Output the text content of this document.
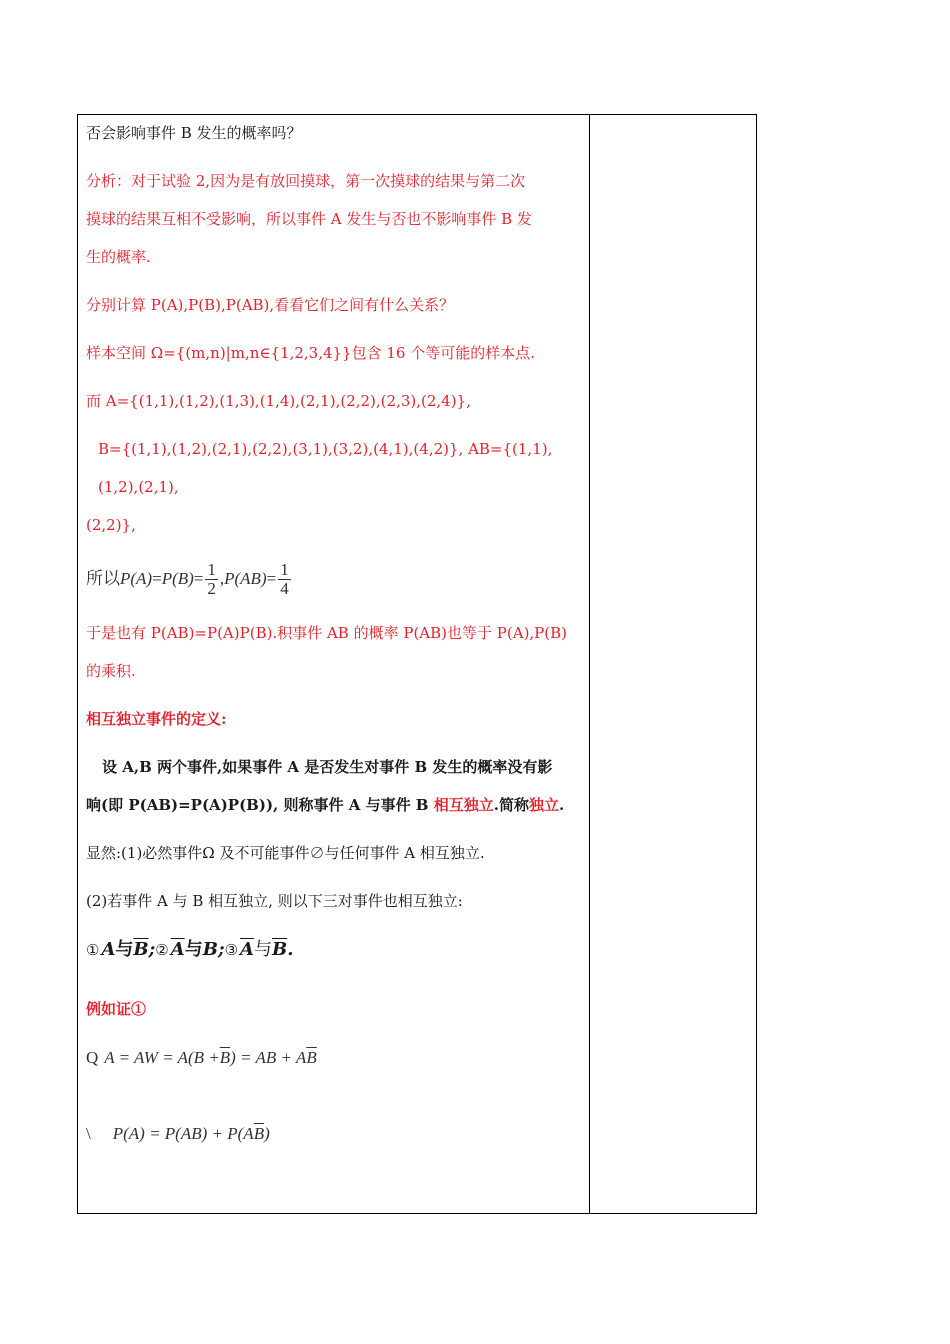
否会影响事件 B 发生的概率吗？

分析：对于试验 2,因为是有放回摸球，第一次摸球的结果与第二次

摸球的结果互相不受影响，所以事件 A 发生与否也不影响事件 B 发

生的概率.

分别计算 P(A),P(B),P(AB),看看它们之间有什么关系？

样本空间 Ω={(m,n)|m,n∈{1,2,3,4}}包含 16 个等可能的样本点.

而 A={(1,1),(1,2),(1,3),(1,4),(2,1),(2,2),(2,3),(2,4)},

B={(1,1),(1,2),(2,1),(2,2),(3,1),(3,2),(4,1),(4,2)}, AB={(1,1),(1,2),(2,1),

(2,2)},

所以 $P(A) = P(B) = \frac{1}{2}$ , $P(AB) = \frac{1}{4}$

于是也有 P(AB)=P(A)P(B).积事件 AB 的概率 P(AB)也等于 P(A),P(B)

的乘积.

相互独立事件的定义:

设 A,B 两个事件,如果事件 A 是否发生对事件 B 发生的概率没有影

响(即 P(AB)=P(A)P(B)), 则称事件 A 与事件 B 相互独立.简称独立.

显然:(1)必然事件Ω 及不可能事件∅与任何事件 A 相互独立.

(2)若事件 A 与 B 相互独立, 则以下三对事件也相互独立:

① A 与 $\overline{B}$ ; ② $\overline{A}$ 与 B ; ③ $\overline{A}$ 与 $\overline{B}$ .

例如证①

Q A = AW = $A(B + \overline{B}$ ) = AB + A $\overline{B}$
\ P(A) = P(AB) + P(A $\overline{B}$ )
